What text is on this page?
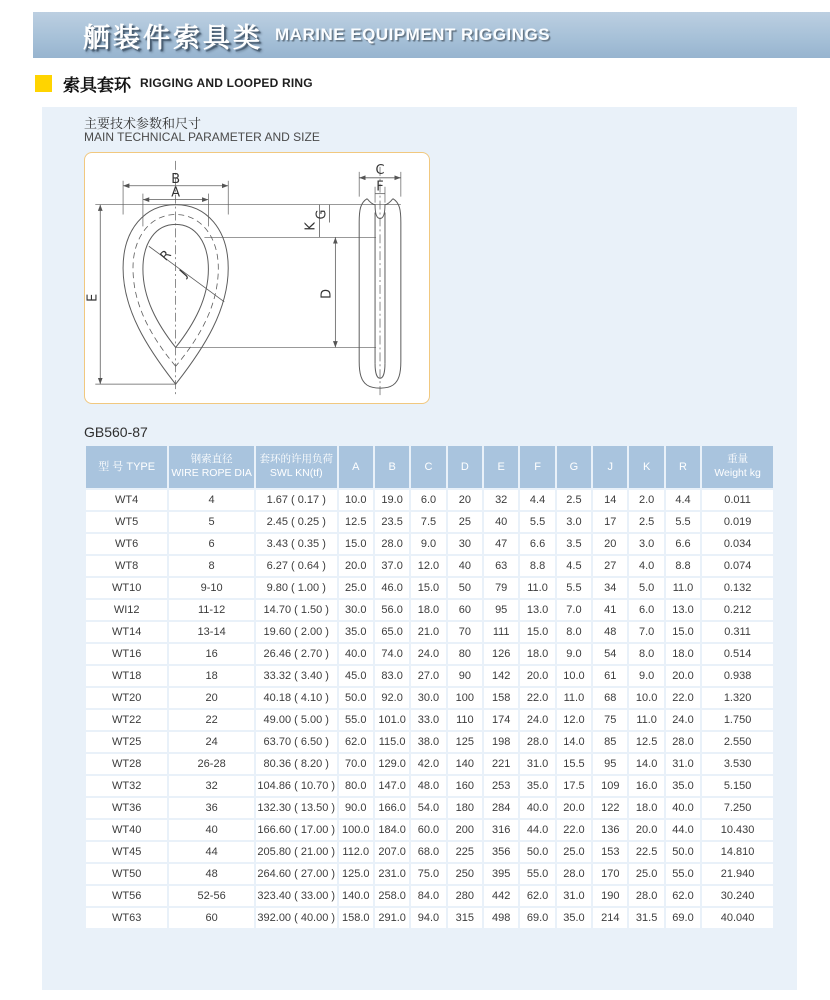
舾装件索具类 MARINE EQUIPMENT RIGGINGS
索具套环 RIGGING AND LOOPED RING
主要技术参数和尺寸
MAIN TECHNICAL PARAMETER AND SIZE
B
A
E
R
J
C
F
G
K
D
GB560-87
型 号 TYPE	钢索直径
WIRE ROPE DIA	套环的许用负荷
SWL KN(tf)	A	B	C	D	E	F	G	J	K	R	重量
Weight kg

WT4	4	1.67 ( 0.17 )	10.0	19.0	6.0	20	32	4.4	2.5	14	2.0	4.4	0.011
WT5	5	2.45 ( 0.25 )	12.5	23.5	7.5	25	40	5.5	3.0	17	2.5	5.5	0.019
WT6	6	3.43 ( 0.35 )	15.0	28.0	9.0	30	47	6.6	3.5	20	3.0	6.6	0.034
WT8	8	6.27 ( 0.64 )	20.0	37.0	12.0	40	63	8.8	4.5	27	4.0	8.8	0.074
WT10	9-10	9.80 ( 1.00 )	25.0	46.0	15.0	50	79	11.0	5.5	34	5.0	11.0	0.132
WI12	11-12	14.70 ( 1.50 )	30.0	56.0	18.0	60	95	13.0	7.0	41	6.0	13.0	0.212
WT14	13-14	19.60 ( 2.00 )	35.0	65.0	21.0	70	111	15.0	8.0	48	7.0	15.0	0.311
WT16	16	26.46 ( 2.70 )	40.0	74.0	24.0	80	126	18.0	9.0	54	8.0	18.0	0.514
WT18	18	33.32 ( 3.40 )	45.0	83.0	27.0	90	142	20.0	10.0	61	9.0	20.0	0.938
WT20	20	40.18 ( 4.10 )	50.0	92.0	30.0	100	158	22.0	11.0	68	10.0	22.0	1.320
WT22	22	49.00 ( 5.00 )	55.0	101.0	33.0	110	174	24.0	12.0	75	11.0	24.0	1.750
WT25	24	63.70 ( 6.50 )	62.0	115.0	38.0	125	198	28.0	14.0	85	12.5	28.0	2.550
WT28	26-28	80.36 ( 8.20 )	70.0	129.0	42.0	140	221	31.0	15.5	95	14.0	31.0	3.530
WT32	32	104.86 ( 10.70 )	80.0	147.0	48.0	160	253	35.0	17.5	109	16.0	35.0	5.150
WT36	36	132.30 ( 13.50 )	90.0	166.0	54.0	180	284	40.0	20.0	122	18.0	40.0	7.250
WT40	40	166.60 ( 17.00 )	100.0	184.0	60.0	200	316	44.0	22.0	136	20.0	44.0	10.430
WT45	44	205.80 ( 21.00 )	112.0	207.0	68.0	225	356	50.0	25.0	153	22.5	50.0	14.810
WT50	48	264.60 ( 27.00 )	125.0	231.0	75.0	250	395	55.0	28.0	170	25.0	55.0	21.940
WT56	52-56	323.40 ( 33.00 )	140.0	258.0	84.0	280	442	62.0	31.0	190	28.0	62.0	30.240
WT63	60	392.00 ( 40.00 )	158.0	291.0	94.0	315	498	69.0	35.0	214	31.5	69.0	40.040
